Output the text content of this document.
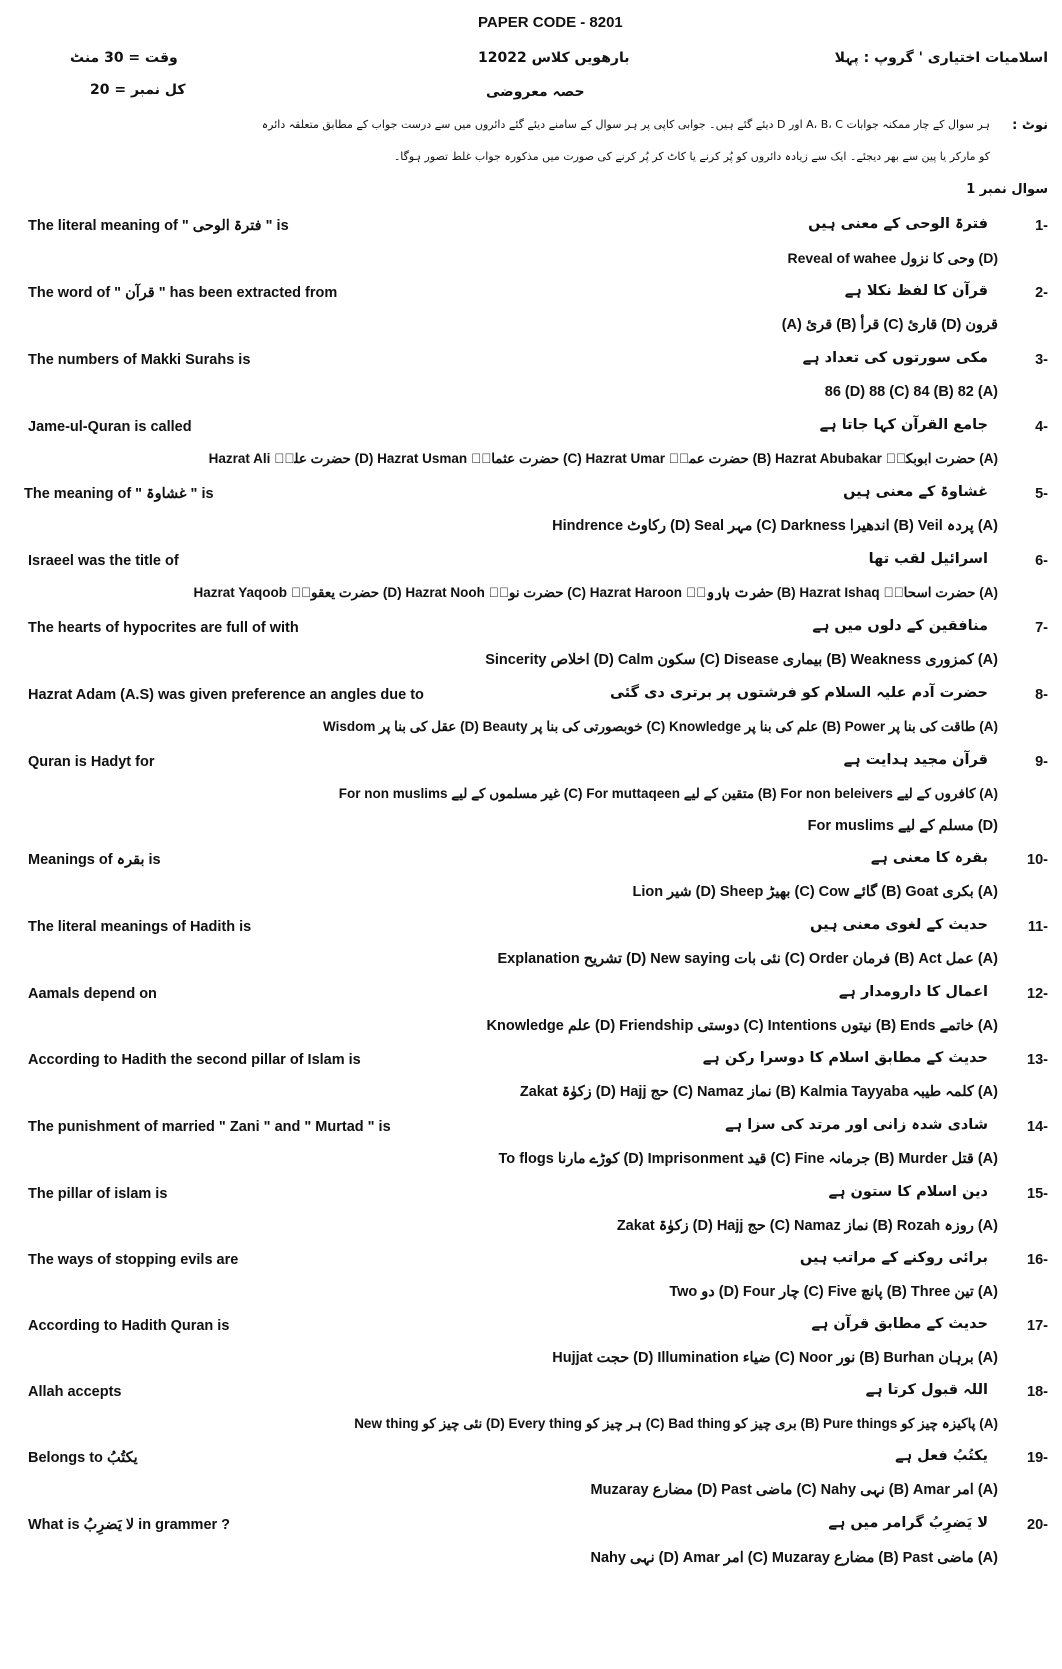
PAPER CODE - 8201
وقت = 30 منٹ
کل نمبر = 20
بارھویں کلاس 12022	اسلامیات اختیاری ' گروپ : پہلا
حصہ معروضی
نوٹ :
ہر سوال کے چار ممکنہ جوابات A، B، C اور D دیئے گئے ہیں۔ جوابی کاپی پر ہر سوال کے سامنے دیئے گئے دائروں میں سے درست جواب کے مطابق متعلقہ دائرہ
کو مارکر یا پین سے بھر دیجئے۔ ایک سے زیادہ دائروں کو پُر کرنے یا کاٹ کر پُر کرنے کی صورت میں مذکورہ جواب غلط تصور ہوگا۔
سوال نمبر 1
1-
فترۃ الوحی کے معنی ہیں
The literal meaning of " فترۃ الوحی " is
Reveal of wahee وحی کا نزول (D)
2-
قرآن کا لفظ نکلا ہے
The word of " قرآن " has been extracted from
(A) قرئ (B) قرأ (C) قارئ (D) قرون
3-
مکی سورتوں کی تعداد ہے
The numbers of Makki Surahs is
86 (D) 88 (C) 84 (B) 82 (A)
4-
جامع القرآن کہا جاتا ہے
Jame-ul-Quran is called
Hazrat Ali حضرت علیؓ (D) Hazrat Usman حضرت عثمانؓ (C) Hazrat Umar حضرت عمرؓ (B) Hazrat Abubakar حضرت ابوبکرؓ (A)
5-
غشاوۃ کے معنی ہیں
The meaning of " غشاوۃ " is
Hindrence رکاوٹ (D) Seal مہر (C) Darkness اندھیرا (B) Veil پردہ (A)
6-
اسرائیل لقب تھا
Israeel was the title of
Hazrat Yaqoob حضرت یعقوبؑ (D) Hazrat Nooh حضرت نوحؑ (C) Hazrat Haroon حضرت ہارونؑ (B) Hazrat Ishaq حضرت اسحاقؑ (A)
7-
منافقین کے دلوں میں ہے
The hearts of hypocrites are full of with
Sincerity اخلاص (D) Calm سکون (C) Disease بیماری (B) Weakness کمزوری (A)
8-
حضرت آدم علیہ السلام کو فرشتوں پر برتری دی گئی
Hazrat Adam (A.S) was given preference an angles due to
Wisdom عقل کی بنا پر (D) Beauty خوبصورتی کی بنا پر (C) Knowledge علم کی بنا پر (B) Power طاقت کی بنا پر (A)
9-
قرآن مجید ہدایت ہے
Quran is Hadyt for
For non muslims غیر مسلموں کے لیے (C) For muttaqeen متقین کے لیے (B) For non beleivers کافروں کے لیے (A)
For muslims مسلم کے لیے (D)
10-
بقرہ کا معنی ہے
Meanings of بقرہ is
Lion شیر (D) Sheep بھیڑ (C) Cow گائے (B) Goat بکری (A)
11-
حدیث کے لغوی معنی ہیں
The literal meanings of Hadith is
Explanation تشریح (D) New saying نئی بات (C) Order فرمان (B) Act عمل (A)
12-
اعمال کا دارومدار ہے
Aamals depend on
Knowledge علم (D) Friendship دوستی (C) Intentions نیتوں (B) Ends خاتمے (A)
13-
حدیث کے مطابق اسلام کا دوسرا رکن ہے
According to Hadith the second pillar of Islam is
Zakat زکوٰۃ (D) Hajj حج (C) Namaz نماز (B) Kalmia Tayyaba کلمہ طیبہ (A)
14-
شادی شدہ زانی اور مرتد کی سزا ہے
The punishment of married " Zani " and " Murtad " is
To flogs کوڑے مارنا (D) Imprisonment قید (C) Fine جرمانہ (B) Murder قتل (A)
15-
دین اسلام کا ستون ہے
The pillar of islam is
Zakat زکوٰۃ (D) Hajj حج (C) Namaz نماز (B) Rozah روزہ (A)
16-
برائی روکنے کے مراتب ہیں
The ways of stopping evils are
Two دو (D) Four چار (C) Five پانچ (B) Three تین (A)
17-
حدیث کے مطابق قرآن ہے
According to Hadith Quran is
Hujjat حجت (D) Illumination ضیاء (C) Noor نور (B) Burhan برہان (A)
18-
اللہ قبول کرتا ہے
Allah accepts
New thing نئی چیز کو (D) Every thing ہر چیز کو (C) Bad thing بری چیز کو (B) Pure things پاکیزہ چیز کو (A)
19-
یکتُبُ فعل ہے
Belongs to یکتُبُ
Muzaray مضارع (D) Past ماضی (C) Nahy نہی (B) Amar امر (A)
20-
لا یَضرِبُ گرامر میں ہے
What is لا یَضرِبُ in grammer ?
Nahy نہی (D) Amar امر (C) Muzaray مضارع (B) Past ماضی (A)
